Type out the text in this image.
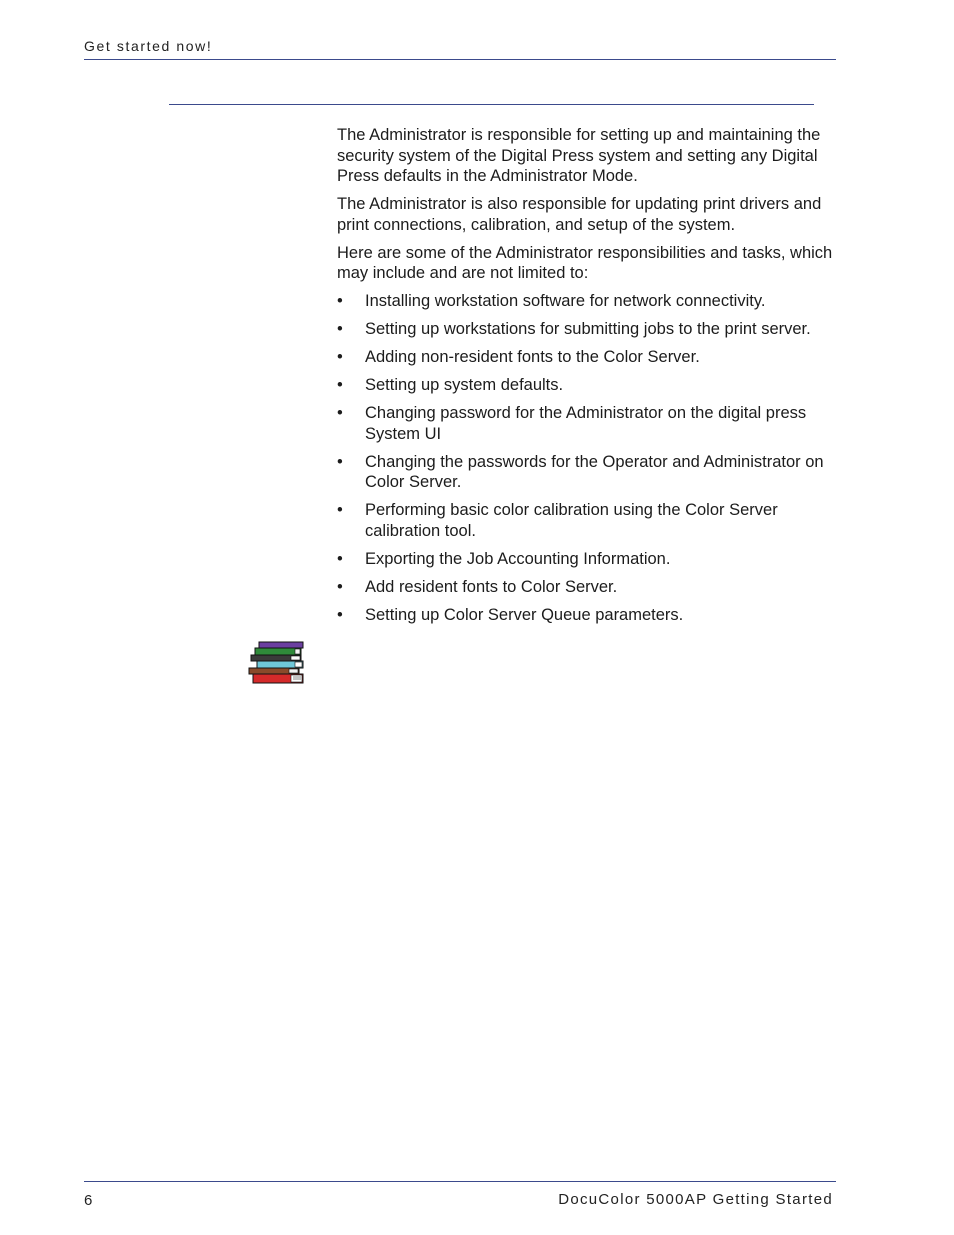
Get started now!

The Administrator is responsible for setting up and maintaining the security system of the Digital Press system and setting any Digital Press defaults in the Administrator Mode.

The Administrator is also responsible for updating print drivers and print connections, calibration, and setup of the system.

Here are some of the Administrator responsibilities and tasks, which may include and are not limited to:

• Installing workstation software for network connectivity.
• Setting up workstations for submitting jobs to the print server.
• Adding non-resident fonts to the Color Server.
• Setting up system defaults.
• Changing password for the Administrator on the digital press System UI
• Changing the passwords for the Operator and Administrator on Color Server.
• Performing basic color calibration using the Color Server calibration tool.
• Exporting the Job Accounting Information.
• Add resident fonts to Color Server.
• Setting up Color Server Queue parameters.
6	DocuColor 5000AP Getting Started
